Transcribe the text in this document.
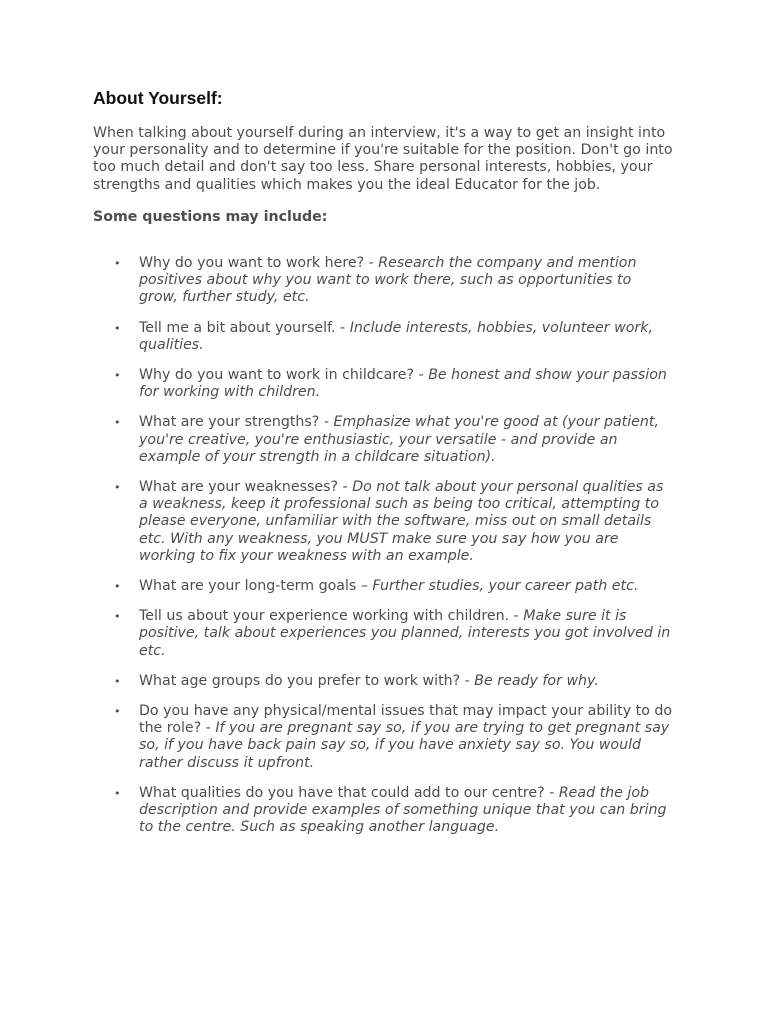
About Yourself:

When talking about yourself during an interview, it's a way to get an insight into your personality and to determine if you're suitable for the position. Don't go into too much detail and don't say too less. Share personal interests, hobbies, your strengths and qualities which makes you the ideal Educator for the job.

Some questions may include:

• Why do you want to work here? - Research the company and mention positives about why you want to work there, such as opportunities to grow, further study, etc.
• Tell me a bit about yourself. - Include interests, hobbies, volunteer work, qualities.
• Why do you want to work in childcare? - Be honest and show your passion for working with children.
• What are your strengths? - Emphasize what you're good at (your patient, you're creative, you're enthusiastic, your versatile - and provide an example of your strength in a childcare situation).
• What are your weaknesses? - Do not talk about your personal qualities as a weakness, keep it professional such as being too critical, attempting to please everyone, unfamiliar with the software, miss out on small details etc. With any weakness, you MUST make sure you say how you are working to fix your weakness with an example.
• What are your long-term goals – Further studies, your career path etc.
• Tell us about your experience working with children. - Make sure it is positive, talk about experiences you planned, interests you got involved in etc.
• What age groups do you prefer to work with? - Be ready for why.
• Do you have any physical/mental issues that may impact your ability to do the role? - If you are pregnant say so, if you are trying to get pregnant say so, if you have back pain say so, if you have anxiety say so. You would rather discuss it upfront.
• What qualities do you have that could add to our centre? - Read the job description and provide examples of something unique that you can bring to the centre. Such as speaking another language.
